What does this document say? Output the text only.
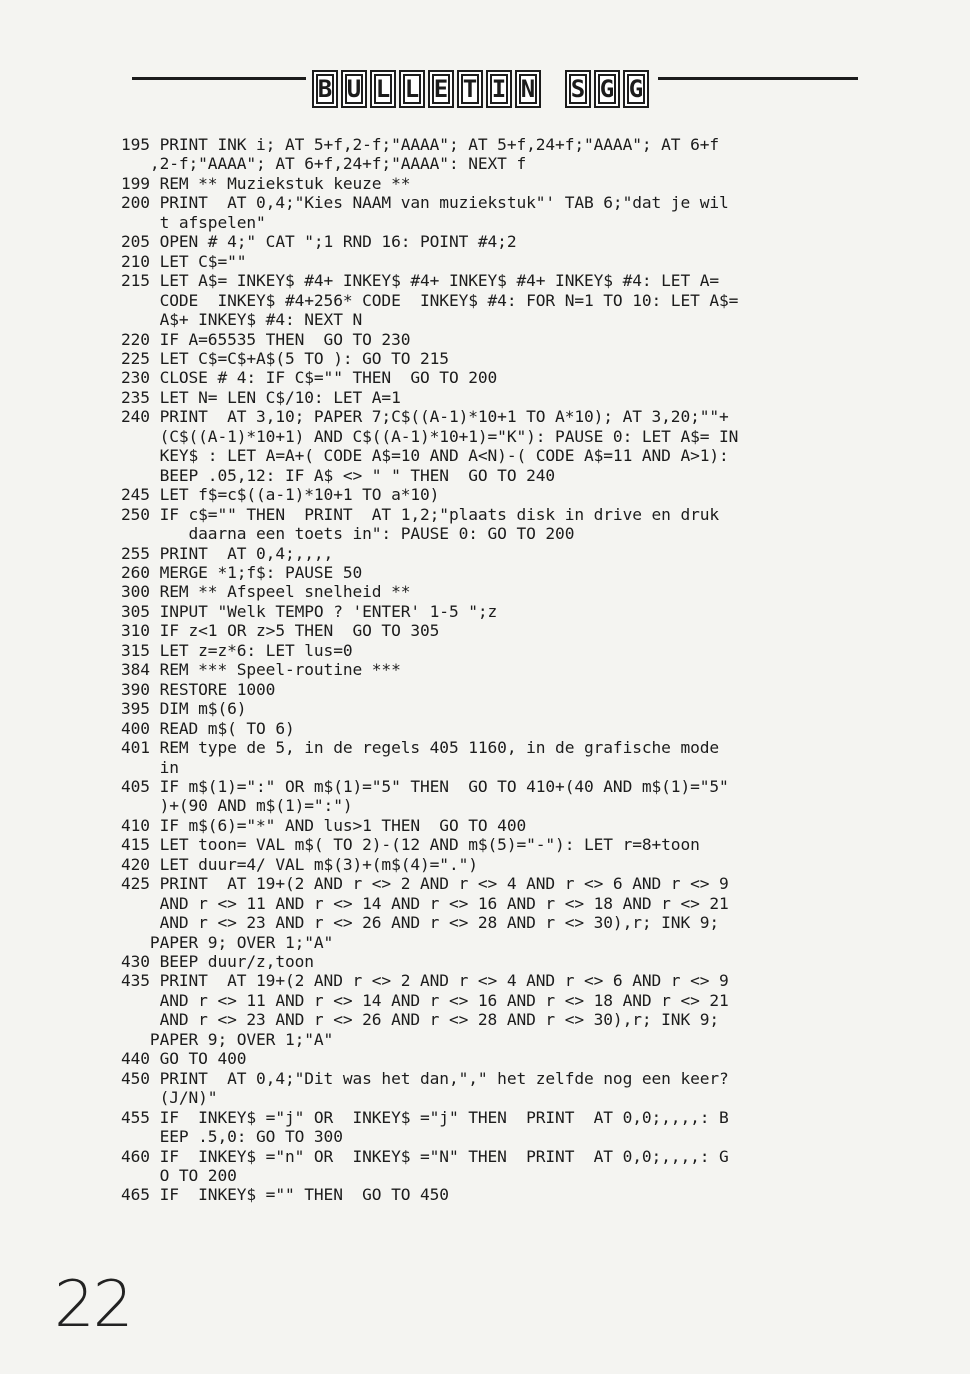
B U L L E T I N S G G
195 PRINT INK i; AT 5+f,2-f;"AAAA"; AT 5+f,24+f;"AAAA"; AT 6+f
,2-f;"AAAA"; AT 6+f,24+f;"AAAA": NEXT f
199 REM ** Muziekstuk keuze **
200 PRINT  AT 0,4;"Kies NAAM van muziekstuk"' TAB 6;"dat je wil
t afspelen"
205 OPEN # 4;" CAT ";1 RND 16: POINT #4;2
210 LET C$=""
215 LET A$= INKEY$ #4+ INKEY$ #4+ INKEY$ #4+ INKEY$ #4: LET A=
CODE  INKEY$ #4+256* CODE  INKEY$ #4: FOR N=1 TO 10: LET A$=
A$+ INKEY$ #4: NEXT N
220 IF A=65535 THEN  GO TO 230
225 LET C$=C$+A$(5 TO ): GO TO 215
230 CLOSE # 4: IF C$="" THEN  GO TO 200
235 LET N= LEN C$/10: LET A=1
240 PRINT  AT 3,10; PAPER 7;C$((A-1)*10+1 TO A*10); AT 3,20;""+
(C$((A-1)*10+1) AND C$((A-1)*10+1)="K"): PAUSE 0: LET A$= IN
KEY$ : LET A=A+( CODE A$=10 AND A<N)-( CODE A$=11 AND A>1):
BEEP .05,12: IF A$ <> " " THEN  GO TO 240
245 LET f$=c$((a-1)*10+1 TO a*10)
250 IF c$="" THEN  PRINT  AT 1,2;"plaats disk in drive en druk
daarna een toets in": PAUSE 0: GO TO 200
255 PRINT  AT 0,4;,,,,
260 MERGE *1;f$: PAUSE 50
300 REM ** Afspeel snelheid **
305 INPUT "Welk TEMPO ? 'ENTER' 1-5 ";z
310 IF z<1 OR z>5 THEN  GO TO 305
315 LET z=z*6: LET lus=0
384 REM *** Speel-routine ***
390 RESTORE 1000
395 DIM m$(6)
400 READ m$( TO 6)
401 REM type de 5, in de regels 405 1160, in de grafische mode
in
405 IF m$(1)=":" OR m$(1)="5" THEN  GO TO 410+(40 AND m$(1)="5"
)+(90 AND m$(1)=":")
410 IF m$(6)="*" AND lus>1 THEN  GO TO 400
415 LET toon= VAL m$( TO 2)-(12 AND m$(5)="-"): LET r=8+toon
420 LET duur=4/ VAL m$(3)+(m$(4)=".")
425 PRINT  AT 19+(2 AND r <> 2 AND r <> 4 AND r <> 6 AND r <> 9
AND r <> 11 AND r <> 14 AND r <> 16 AND r <> 18 AND r <> 21
AND r <> 23 AND r <> 26 AND r <> 28 AND r <> 30),r; INK 9;
PAPER 9; OVER 1;"A"
430 BEEP duur/z,toon
435 PRINT  AT 19+(2 AND r <> 2 AND r <> 4 AND r <> 6 AND r <> 9
AND r <> 11 AND r <> 14 AND r <> 16 AND r <> 18 AND r <> 21
AND r <> 23 AND r <> 26 AND r <> 28 AND r <> 30),r; INK 9;
PAPER 9; OVER 1;"A"
440 GO TO 400
450 PRINT  AT 0,4;"Dit was het dan,"," het zelfde nog een keer?
(J/N)"
455 IF  INKEY$ ="j" OR  INKEY$ ="j" THEN  PRINT  AT 0,0;,,,,: B
EEP .5,0: GO TO 300
460 IF  INKEY$ ="n" OR  INKEY$ ="N" THEN  PRINT  AT 0,0;,,,,: G
O TO 200
465 IF  INKEY$ ="" THEN  GO TO 450
22
